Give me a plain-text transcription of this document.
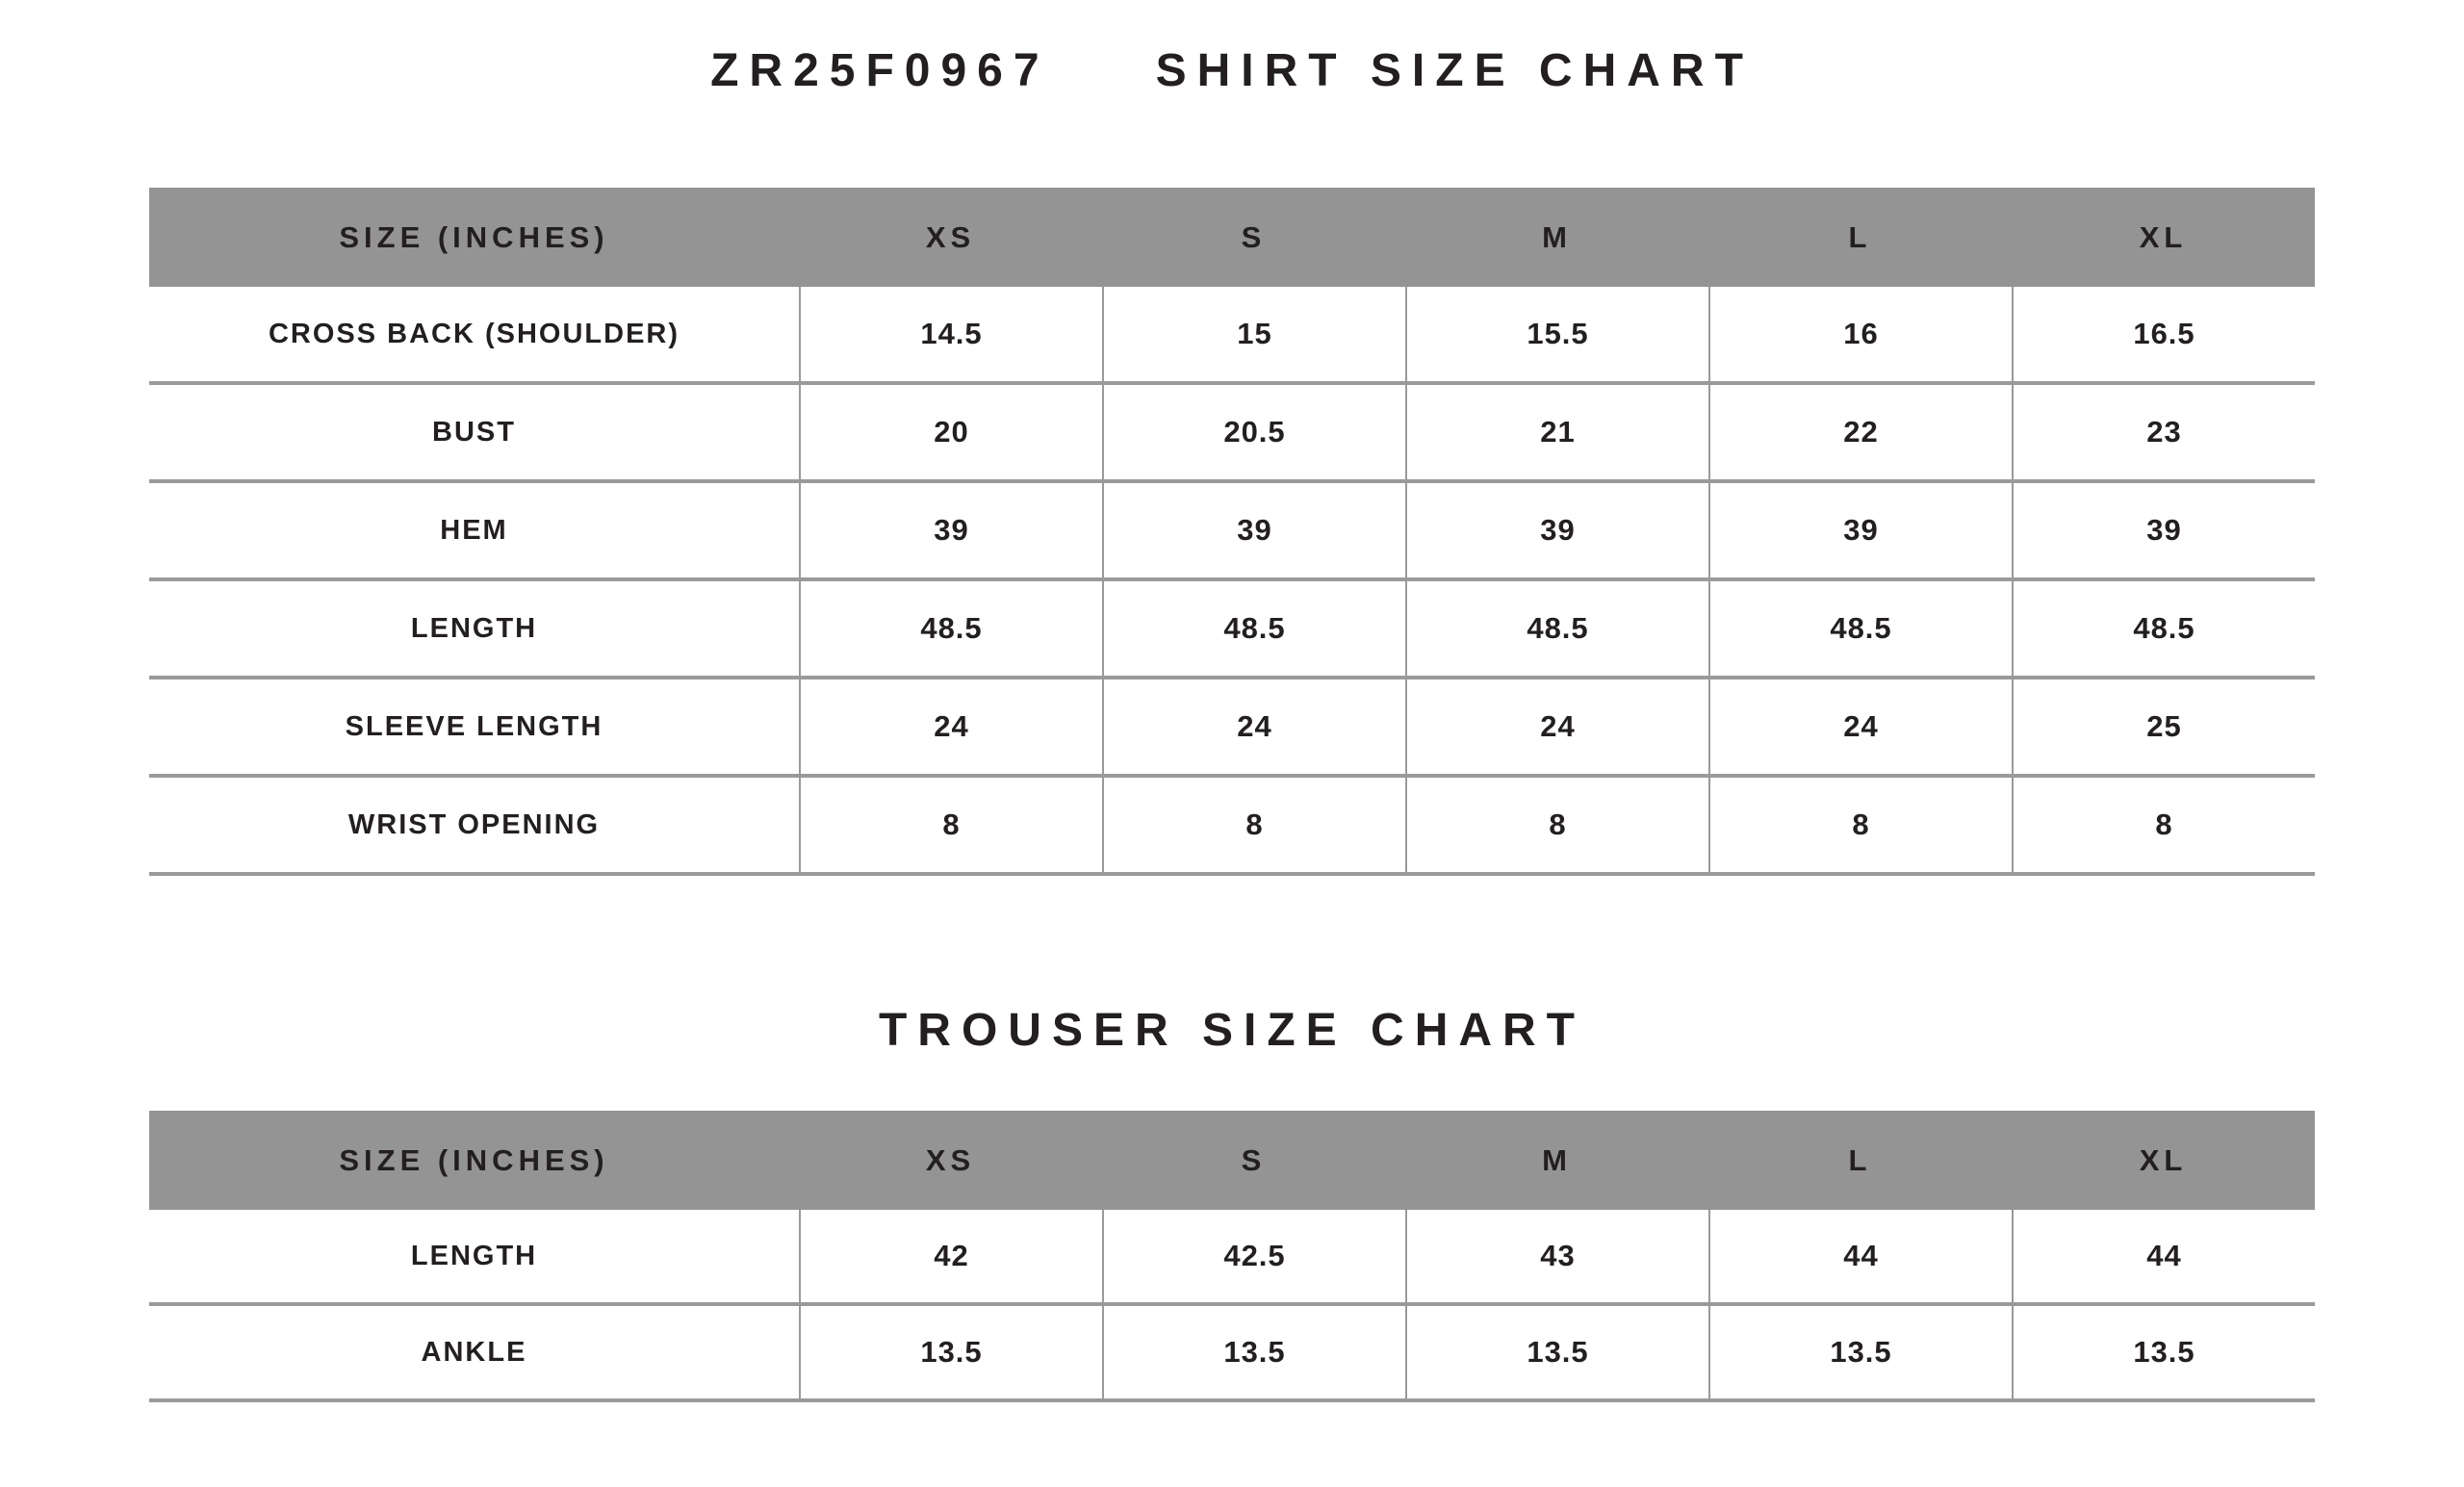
ZR25F0967 SHIRT SIZE CHART
SIZE (INCHES)	XS	S	M	L	XL
CROSS BACK (SHOULDER)	14.5	15	15.5	16	16.5
BUST	20	20.5	21	22	23
HEM	39	39	39	39	39
LENGTH	48.5	48.5	48.5	48.5	48.5
SLEEVE LENGTH	24	24	24	24	25
WRIST OPENING	8	8	8	8	8
TROUSER SIZE CHART
SIZE (INCHES)	XS	S	M	L	XL
LENGTH	42	42.5	43	44	44
ANKLE	13.5	13.5	13.5	13.5	13.5
